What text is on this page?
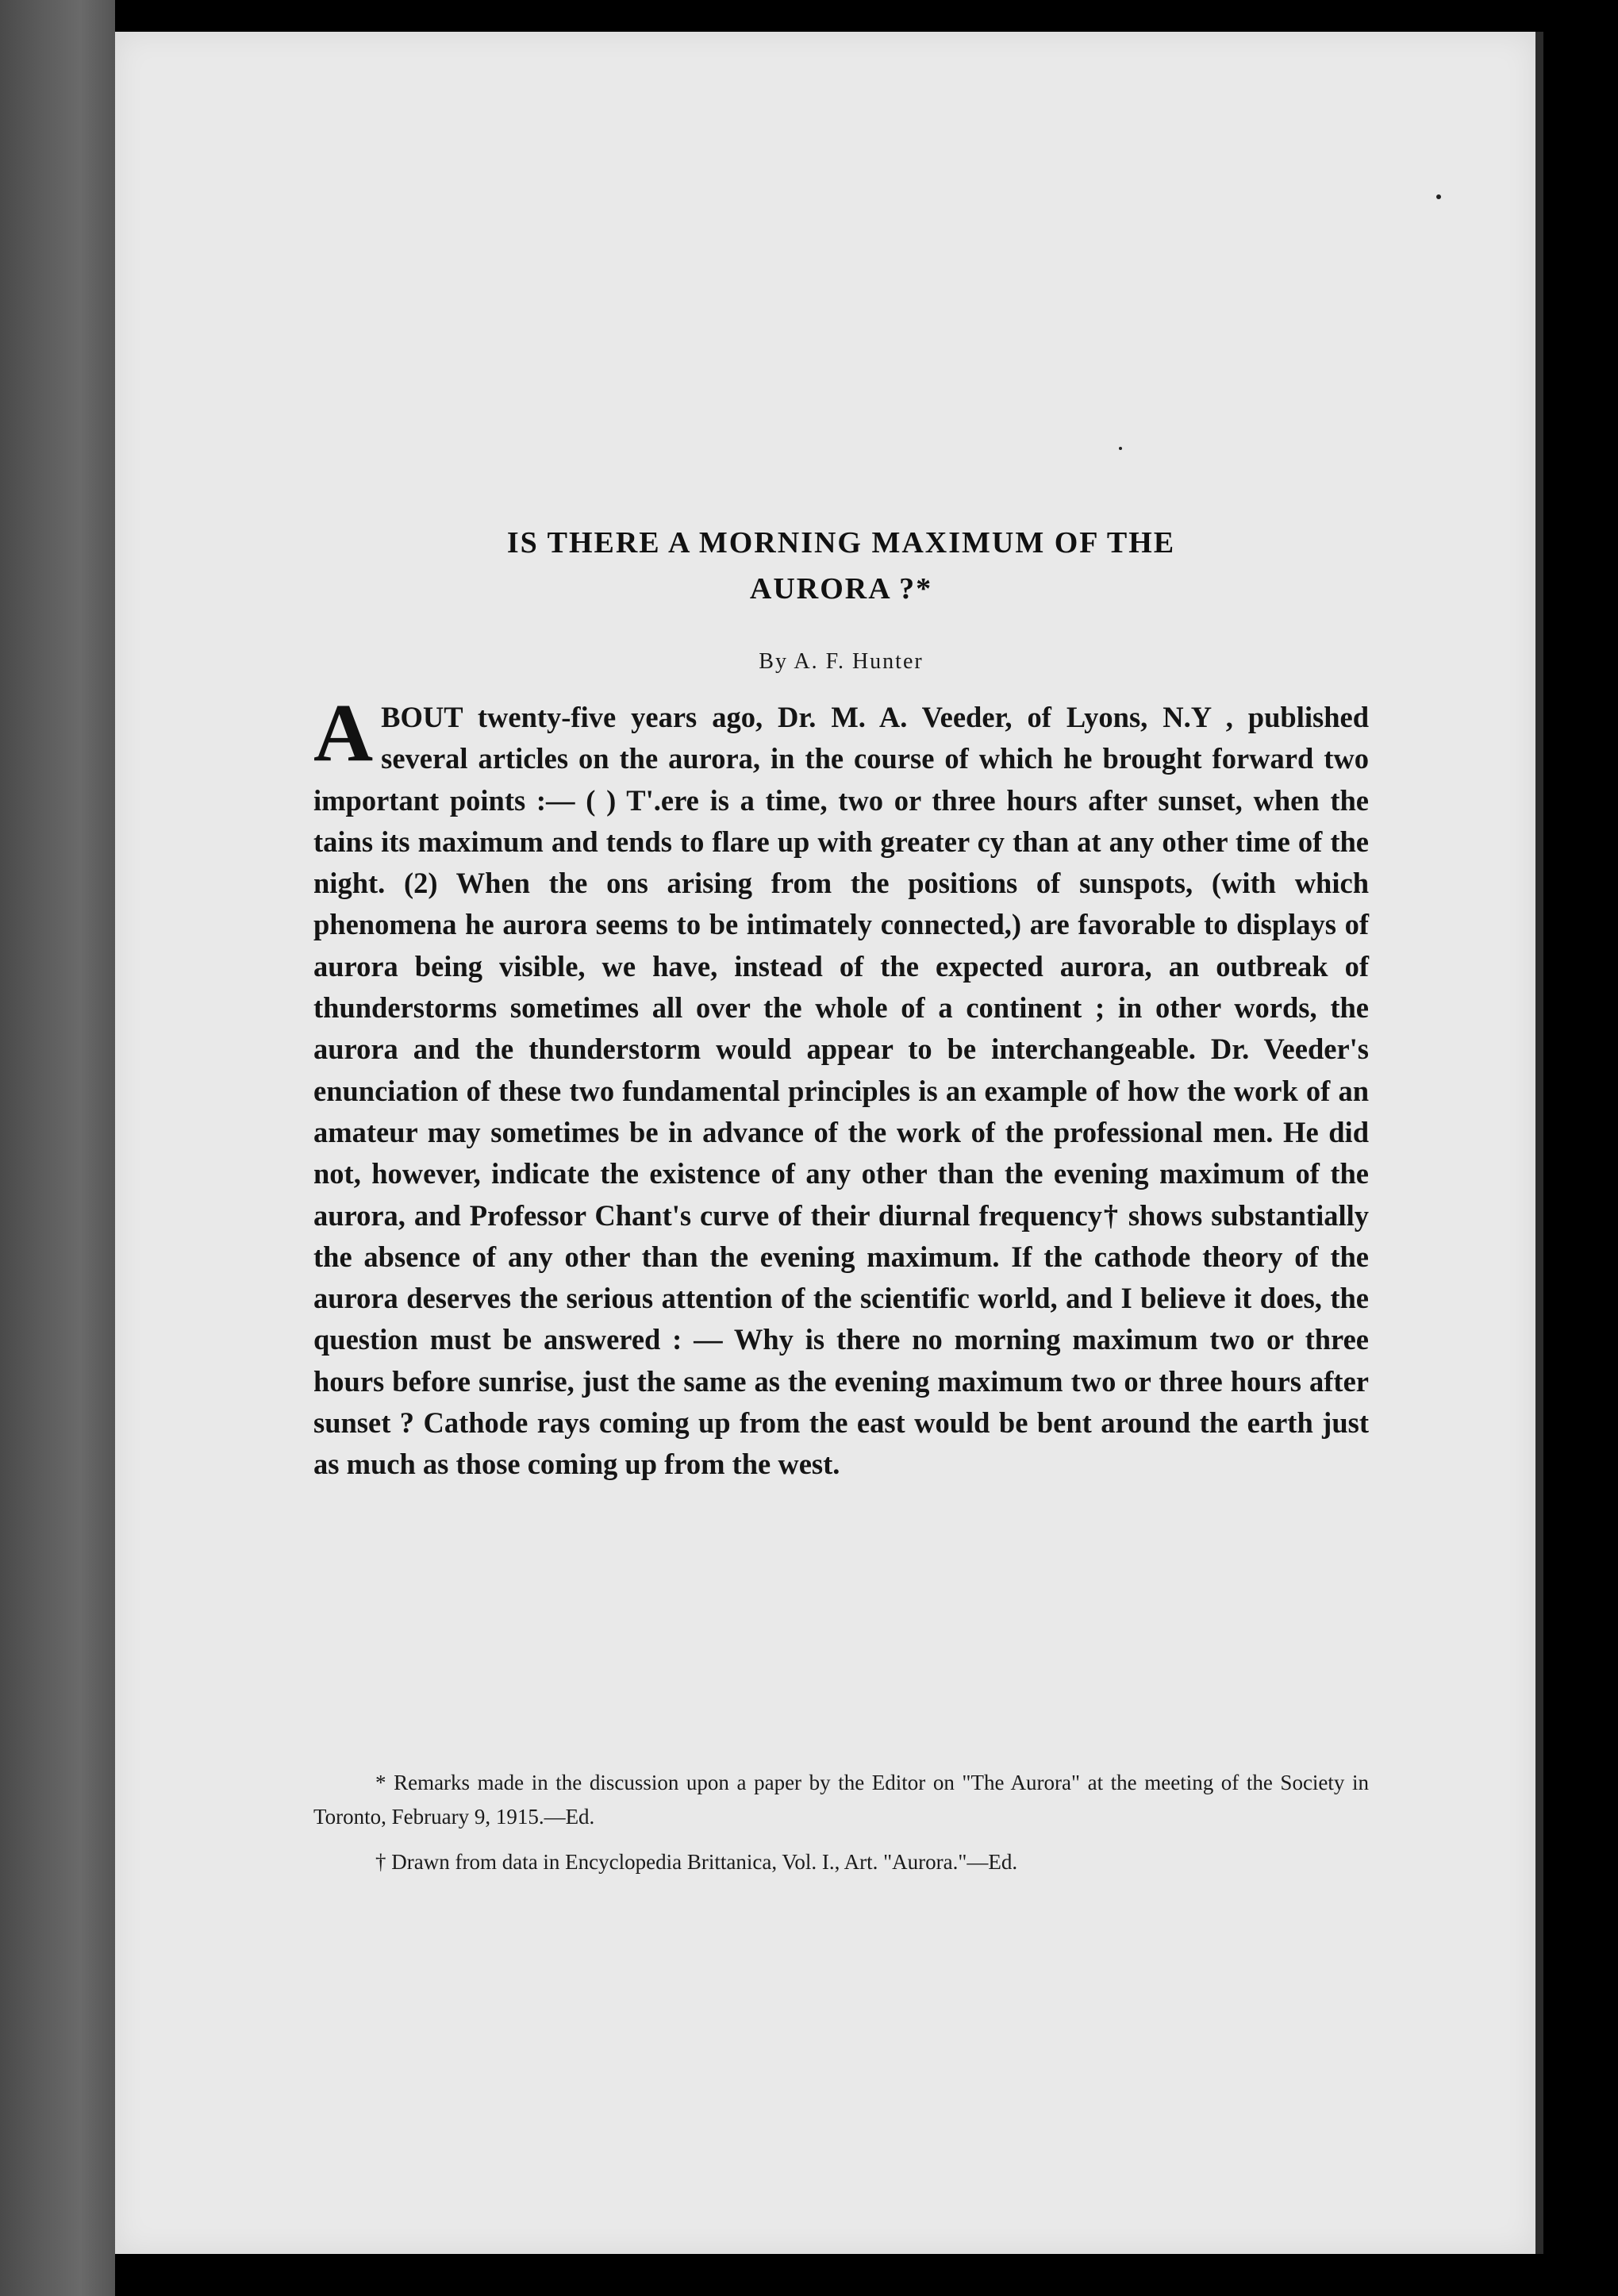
IS THERE A MORNING MAXIMUM OF THE
AURORA ?*
By A. F. Hunter

A BOUT twenty-five years ago, Dr. M. A. Veeder, of Lyons, N.Y , published several articles on the aurora, in the course of which he brought forward two important points :— ( ) T'.ere is a time, two or three hours after sunset, when the tains its maximum and tends to flare up with greater cy than at any other time of the night. (2) When the ons arising from the positions of sunspots, (with which phenomena he aurora seems to be intimately connected,) are favorable to displays of aurora being visible, we have, instead of the expected aurora, an outbreak of thunderstorms sometimes all over the whole of a continent ; in other words, the aurora and the thunderstorm would appear to be interchangeable. Dr. Veeder's enunciation of these two fundamental principles is an example of how the work of an amateur may sometimes be in advance of the work of the professional men. He did not, however, indicate the existence of any other than the evening maximum of the aurora, and Professor Chant's curve of their diurnal frequency† shows substantially the absence of any other than the evening maximum. If the cathode theory of the aurora deserves the serious attention of the scientific world, and I believe it does, the question must be answered : — Why is there no morning maximum two or three hours before sunrise, just the same as the evening maximum two or three hours after sunset ? Cathode rays coming up from the east would be bent around the earth just as much as those coming up from the west.

* Remarks made in the discussion upon a paper by the Editor on "The Aurora" at the meeting of the Society in Toronto, February 9, 1915.—Ed.

† Drawn from data in Encyclopedia Brittanica, Vol. I., Art. "Aurora."—Ed.
